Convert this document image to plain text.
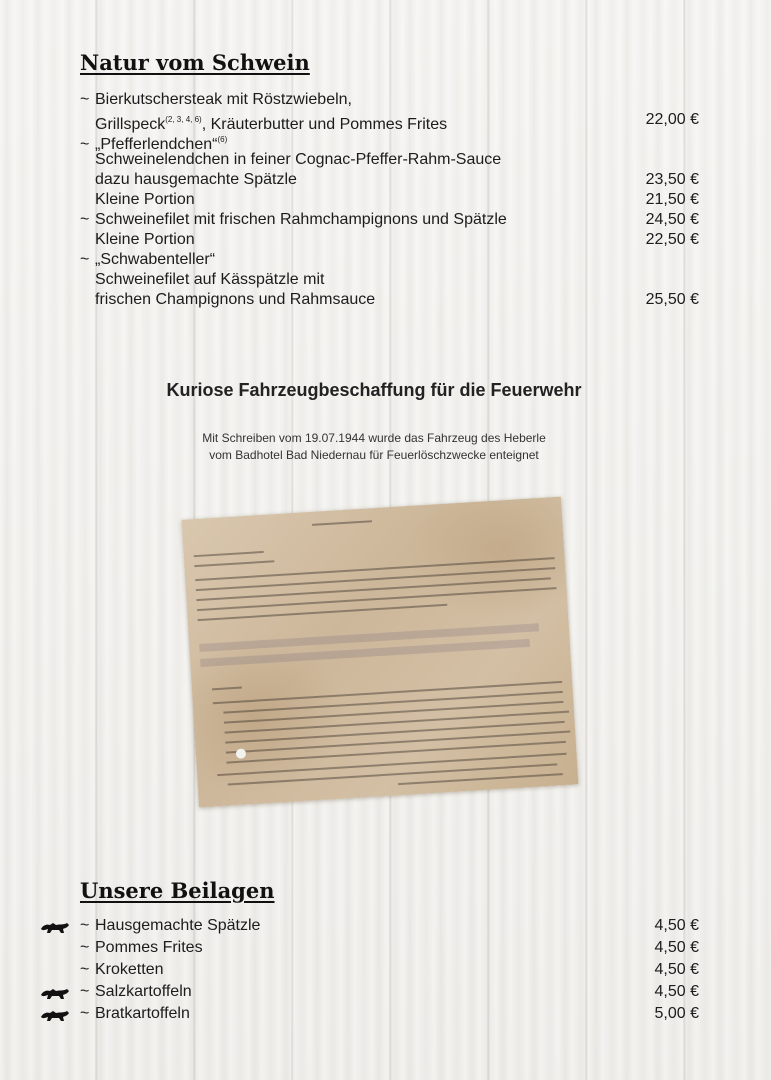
Natur vom Schwein
~ Bierkutschersteak mit Röstzwiebeln,
Grillspeck$^{(2, 3, 4, 6)}$, Kräuterbutter und Pommes Frites	22,00 €
~ „Pfefferlendchen“$^{(6)}$
Schweinelendchen in feiner Cognac-Pfeffer-Rahm-Sauce
dazu hausgemachte Spätzle	23,50 €
Kleine Portion	21,50 €
~ Schweinefilet mit frischen Rahmchampignons und Spätzle	24,50 €
Kleine Portion	22,50 €
~ „Schwabenteller“
Schweinefilet auf Kässpätzle mit
frischen Champignons und Rahmsauce	25,50 €
Kuriose Fahrzeugbeschaffung für die Feuerwehr
Mit Schreiben vom 19.07.1944 wurde das Fahrzeug des Heberle
vom Badhotel Bad Niedernau für Feuerlöschzwecke enteignet
Unsere Beilagen
~ Hausgemachte Spätzle	4,50 €
~ Pommes Frites	4,50 €
~ Kroketten	4,50 €
~ Salzkartoffeln	4,50 €
~ Bratkartoffeln	5,00 €
